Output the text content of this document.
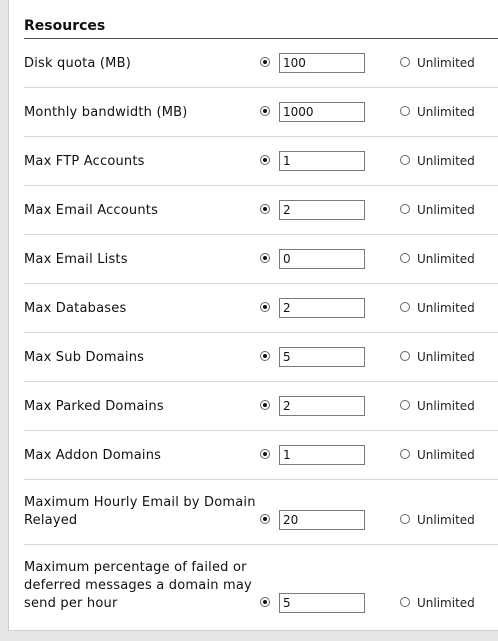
Resources
Disk quota (MB)
100	Unlimited
Monthly bandwidth (MB)
1000	Unlimited
Max FTP Accounts
1	Unlimited
Max Email Accounts
2	Unlimited
Max Email Lists
0	Unlimited
Max Databases
2	Unlimited
Max Sub Domains
5	Unlimited
Max Parked Domains
2	Unlimited
Max Addon Domains
1	Unlimited
Maximum Hourly Email by Domain Relayed
20	Unlimited
Maximum percentage of failed or deferred messages a domain may send per hour
5	Unlimited
